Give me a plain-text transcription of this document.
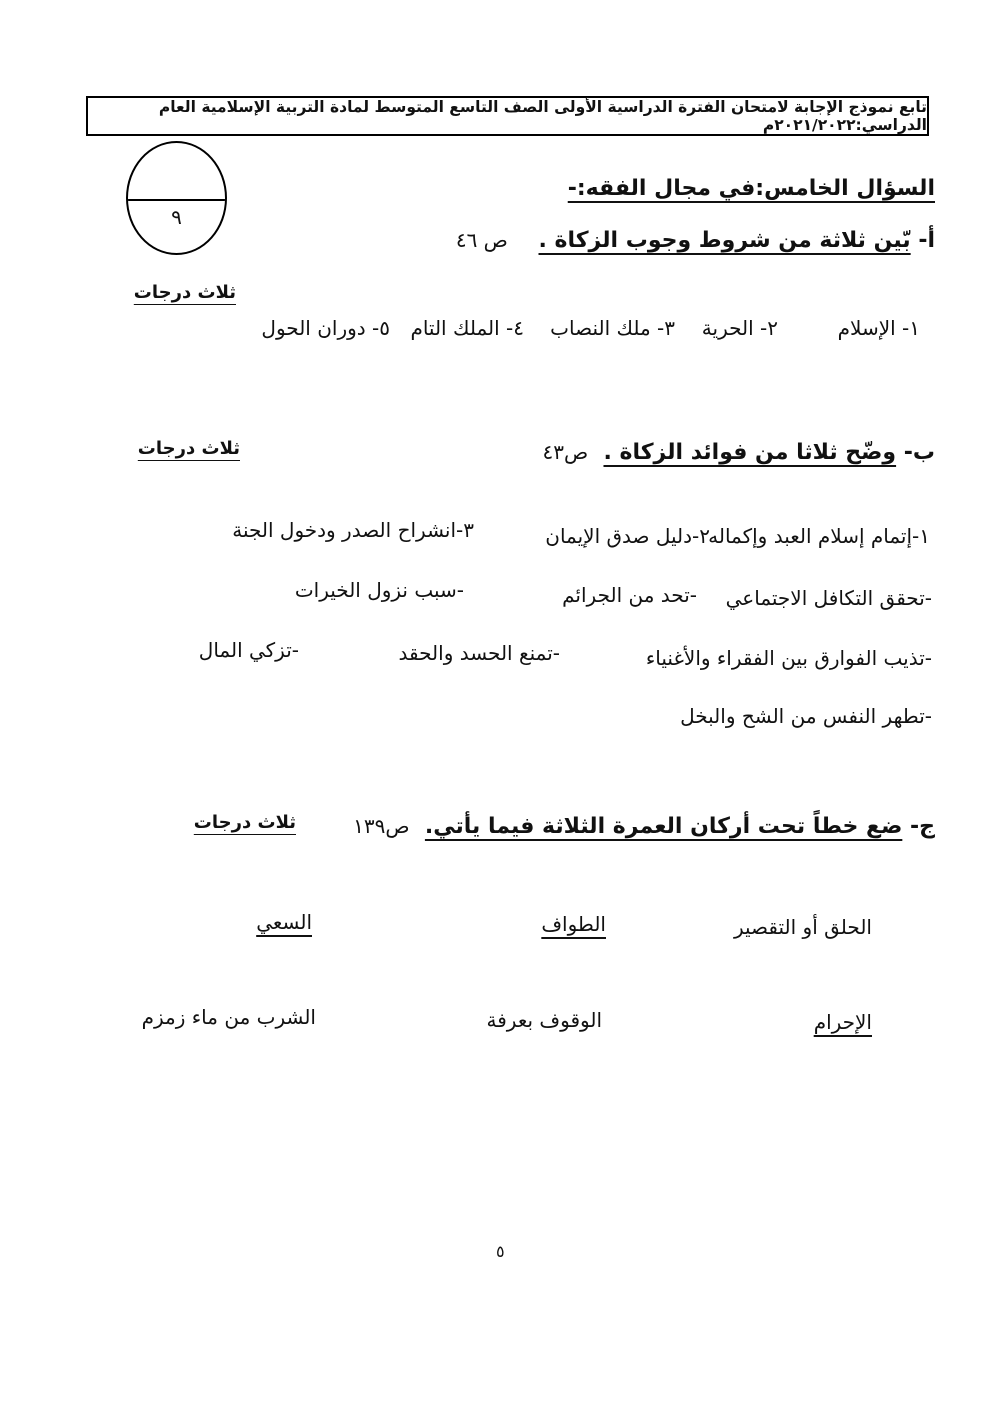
تابع نموذج الإجابة لامتحان الفترة الدراسية الأولى الصف التاسع المتوسط لمادة التربية الإسلامية العام الدراسي:٢٠٢١/٢٠٢٢م
٩
السؤال الخامس:في مجال الفقه:-
أ- بّين ثلاثة من شروط وجوب الزكاة .    ص ٤٦
ثلاث درجات
١- الإسلام
٢- الحرية
٣- ملك النصاب
٤- الملك التام
٥- دوران الحول
ب- وضّح ثلاثا من فوائد الزكاة .  ص٤٣
ثلاث درجات
١-إتمام إسلام العبد وإكماله
٢-دليل صدق الإيمان
٣-انشراح الصدر ودخول الجنة
-تحقق التكافل الاجتماعي
-تحد من الجرائم
-سبب نزول الخيرات
-تذيب الفوارق بين الفقراء والأغنياء
-تمنع الحسد والحقد
-تزكي المال
-تطهر النفس من الشح والبخل
ج- ضع خطاً تحت أركان العمرة الثلاثة فيما يأتي.  ص١٣٩
ثلاث درجات
الحلق أو التقصير
الطواف
السعي
الإحرام
الوقوف بعرفة
الشرب من ماء زمزم
٥
